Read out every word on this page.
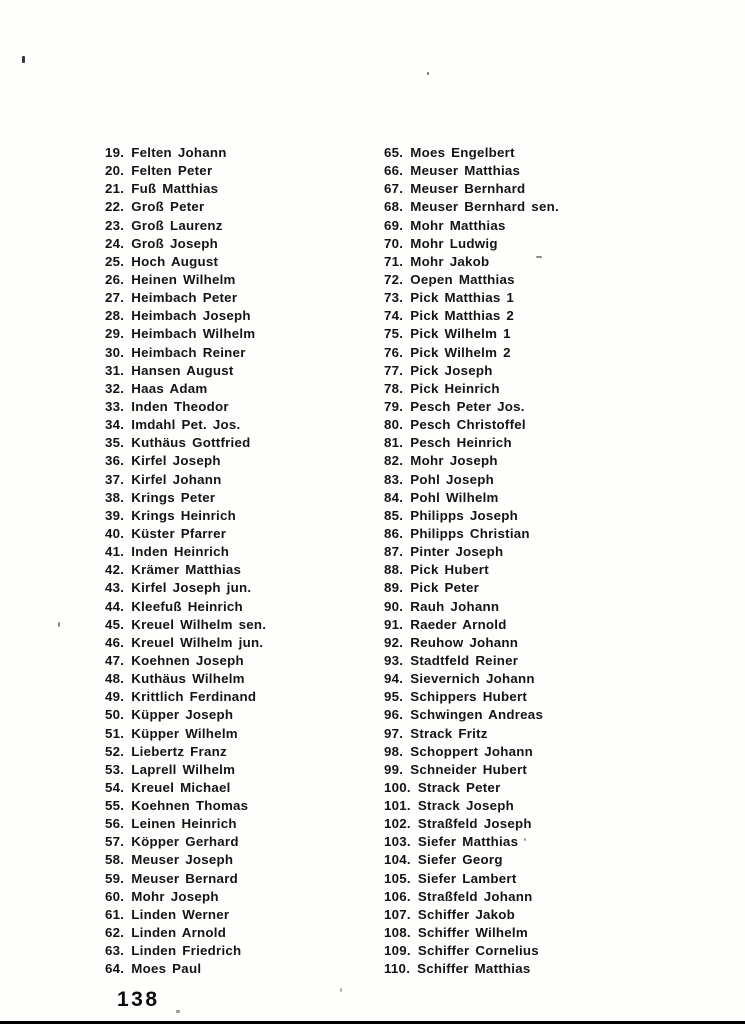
19. Felten Johann
20. Felten Peter
21. Fuß Matthias
22. Groß Peter
23. Groß Laurenz
24. Groß Joseph
25. Hoch August
26. Heinen Wilhelm
27. Heimbach Peter
28. Heimbach Joseph
29. Heimbach Wilhelm
30. Heimbach Reiner
31. Hansen August
32. Haas Adam
33. Inden Theodor
34. Imdahl Pet. Jos.
35. Kuthäus Gottfried
36. Kirfel Joseph
37. Kirfel Johann
38. Krings Peter
39. Krings Heinrich
40. Küster Pfarrer
41. Inden Heinrich
42. Krämer Matthias
43. Kirfel Joseph jun.
44. Kleefuß Heinrich
45. Kreuel Wilhelm sen.
46. Kreuel Wilhelm jun.
47. Koehnen Joseph
48. Kuthäus Wilhelm
49. Krittlich Ferdinand
50. Küpper Joseph
51. Küpper Wilhelm
52. Liebertz Franz
53. Laprell Wilhelm
54. Kreuel Michael
55. Koehnen Thomas
56. Leinen Heinrich
57. Köpper Gerhard
58. Meuser Joseph
59. Meuser Bernard
60. Mohr Joseph
61. Linden Werner
62. Linden Arnold
63. Linden Friedrich
64. Moes Paul
65. Moes Engelbert
66. Meuser Matthias
67. Meuser Bernhard
68. Meuser Bernhard sen.
69. Mohr Matthias
70. Mohr Ludwig
71. Mohr Jakob
72. Oepen Matthias
73. Pick Matthias 1
74. Pick Matthias 2
75. Pick Wilhelm 1
76. Pick Wilhelm 2
77. Pick Joseph
78. Pick Heinrich
79. Pesch Peter Jos.
80. Pesch Christoffel
81. Pesch Heinrich
82. Mohr Joseph
83. Pohl Joseph
84. Pohl Wilhelm
85. Philipps Joseph
86. Philipps Christian
87. Pinter Joseph
88. Pick Hubert
89. Pick Peter
90. Rauh Johann
91. Raeder Arnold
92. Reuhow Johann
93. Stadtfeld Reiner
94. Sievernich Johann
95. Schippers Hubert
96. Schwingen Andreas
97. Strack Fritz
98. Schoppert Johann
99. Schneider Hubert
100. Strack Peter
101. Strack Joseph
102. Straßfeld Joseph
103. Siefer Matthias
104. Siefer Georg
105. Siefer Lambert
106. Straßfeld Johann
107. Schiffer Jakob
108. Schiffer Wilhelm
109. Schiffer Cornelius
110. Schiffer Matthias
138
